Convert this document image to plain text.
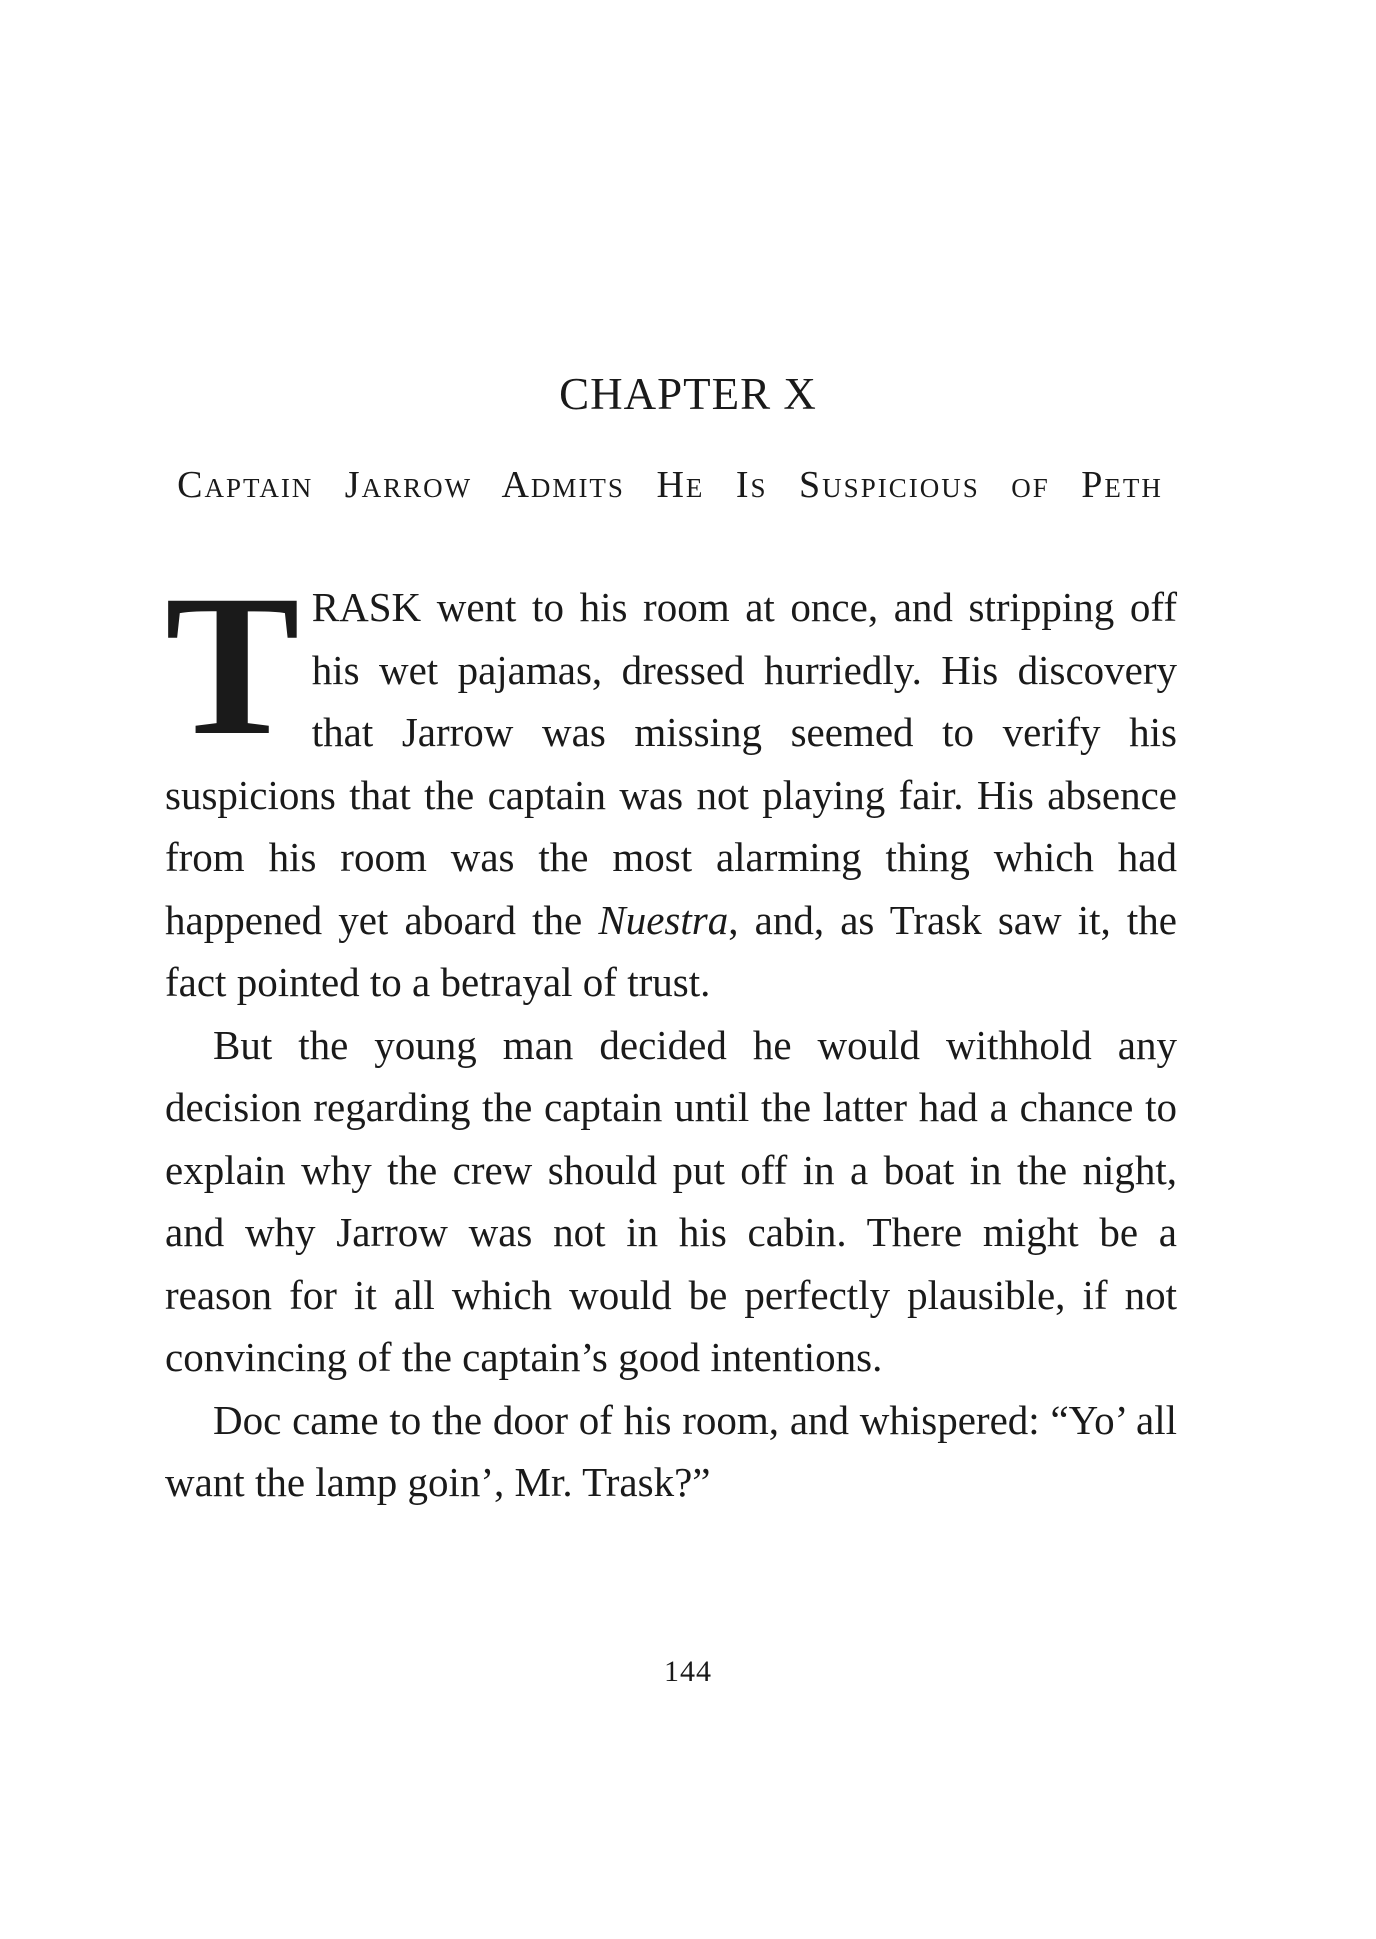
CHAPTER X
Captain Jarrow Admits He Is Suspicious of Peth

TRASK went to his room at once, and stripping off his wet pajamas, dressed hurriedly. His discovery that Jarrow was missing seemed to verify his suspicions that the captain was not playing fair. His absence from his room was the most alarming thing which had happened yet aboard the Nuestra, and, as Trask saw it, the fact pointed to a betrayal of trust.

But the young man decided he would withhold any decision regarding the captain until the latter had a chance to explain why the crew should put off in a boat in the night, and why Jarrow was not in his cabin. There might be a reason for it all which would be perfectly plausible, if not convincing of the captain’s good intentions.

Doc came to the door of his room, and whispered: “Yo’ all want the lamp goin’, Mr. Trask?”

144
